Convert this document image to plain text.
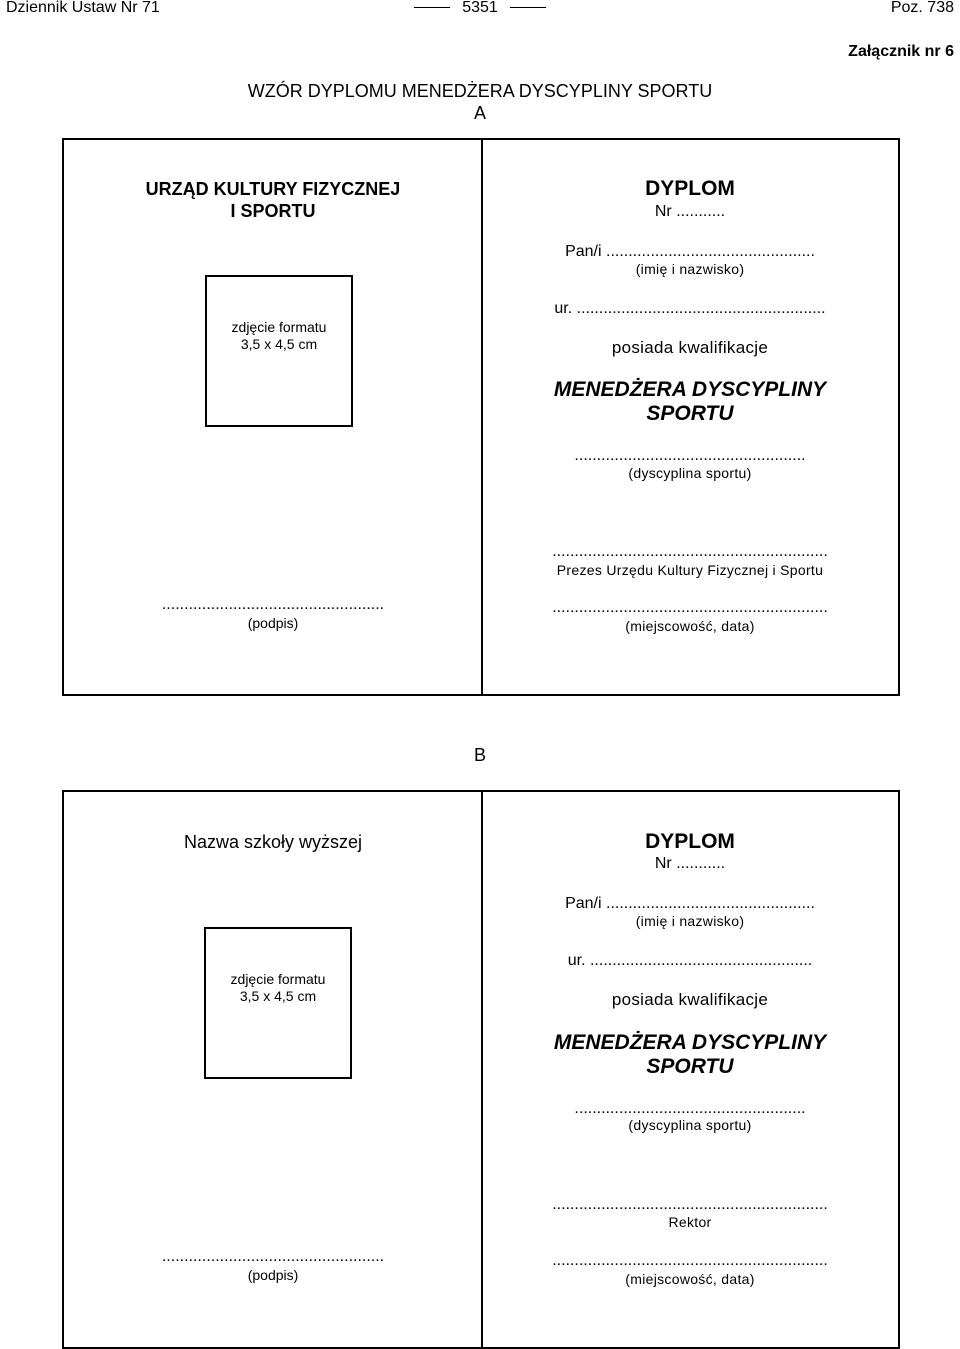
Dziennik Ustaw Nr 71	5351	Poz. 738
Załącznik nr 6
WZÓR DYPLOMU MENEDŻERA DYSCYPLINY SPORTU
A
URZĄD KULTURY FIZYCZNEJ
I SPORTU
zdjęcie formatu
3,5 x 4,5 cm
..................................................
(podpis)
DYPLOM
Nr ...........
Pan/i ...............................................
(imię i nazwisko)
ur. ........................................................
posiada kwalifikacje
MENEDŻERA DYSCYPLINY
SPORTU
....................................................
(dyscyplina sportu)
..............................................................
Prezes Urzędu Kultury Fizycznej i Sportu
..............................................................
(miejscowość, data)
B
Nazwa szkoły wyższej
zdjęcie formatu
3,5 x 4,5 cm
..................................................
(podpis)
DYPLOM
Nr ...........
Pan/i ...............................................
(imię i nazwisko)
ur. ..................................................
posiada kwalifikacje
MENEDŻERA DYSCYPLINY
SPORTU
....................................................
(dyscyplina sportu)
..............................................................
Rektor
..............................................................
(miejscowość, data)
